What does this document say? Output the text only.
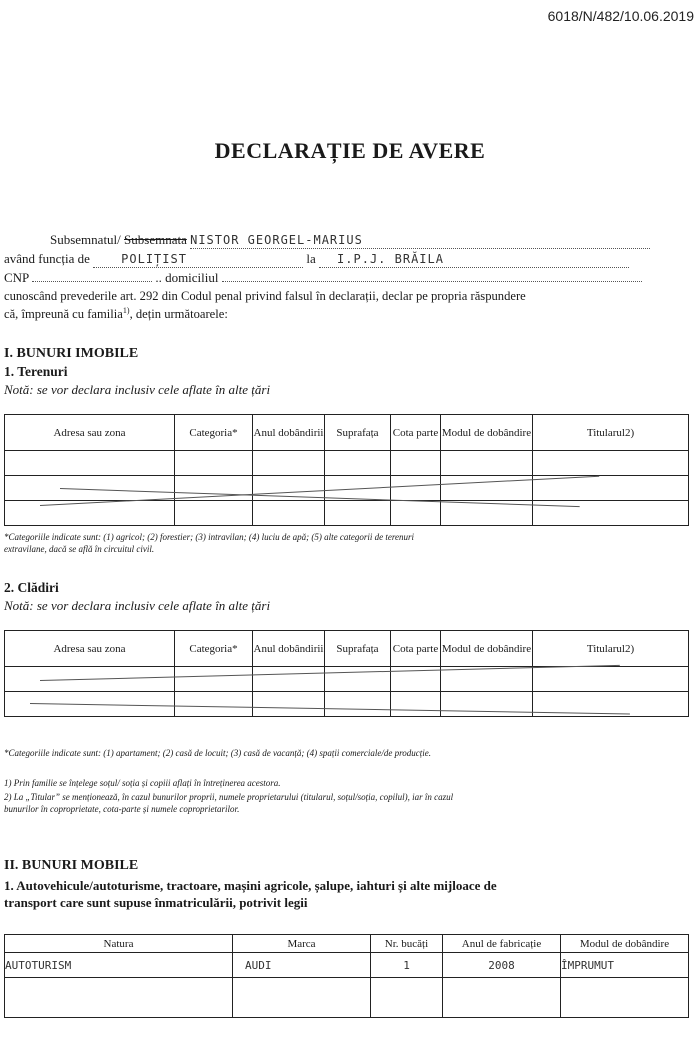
6018/N/482/10.06.2019
DECLARAȚIE DE AVERE
Subsemnatul/ Subsemnata NISTOR GEORGEL-MARIUS
având funcția de	POLIȚIST	la I.P.J. BRĂILA
CNP	.. domiciliul
cunoscând prevederile art. 292 din Codul penal privind falsul în declarații, declar pe propria răspundere
că, împreună cu familia$^{1)}$, dețin următoarele:
I. BUNURI IMOBILE
1. Terenuri
Notă: se vor declara inclusiv cele aflate în alte țări
Adresa sau zona	Categoria*	Anul dobândirii	Suprafața	Cota parte	Modul de dobândire	Titularul2)

*Categoriile indicate sunt: (1) agricol; (2) forestier; (3) intravilan; (4) luciu de apă; (5) alte categorii de terenuri
extravilane, dacă se află în circuitul civil.
2. Clădiri
Notă: se vor declara inclusiv cele aflate în alte țări
Adresa sau zona	Categoria*	Anul dobândirii	Suprafața	Cota parte	Modul de dobândire	Titularul2)

*Categoriile indicate sunt: (1) apartament; (2) casă de locuit; (3) casă de vacanță; (4) spații comerciale/de producție.
1) Prin familie se înțelege soțul/ soția și copiii aflați în întreținerea acestora.
2) La „Titular” se menționează, în cazul bunurilor proprii, numele proprietarului (titularul, soțul/soția, copilul), iar în cazul
bunurilor în coproprietate, cota-parte și numele coproprietarilor.
II. BUNURI MOBILE
1. Autovehicule/autoturisme, tractoare, mașini agricole, șalupe, iahturi și alte mijloace de
transport care sunt supuse înmatriculării, potrivit legii
Natura	Marca	Nr. bucăți	Anul de fabricație	Modul de dobândire
AUTOTURISM	AUDI	1	2008	ÎMPRUMUT
